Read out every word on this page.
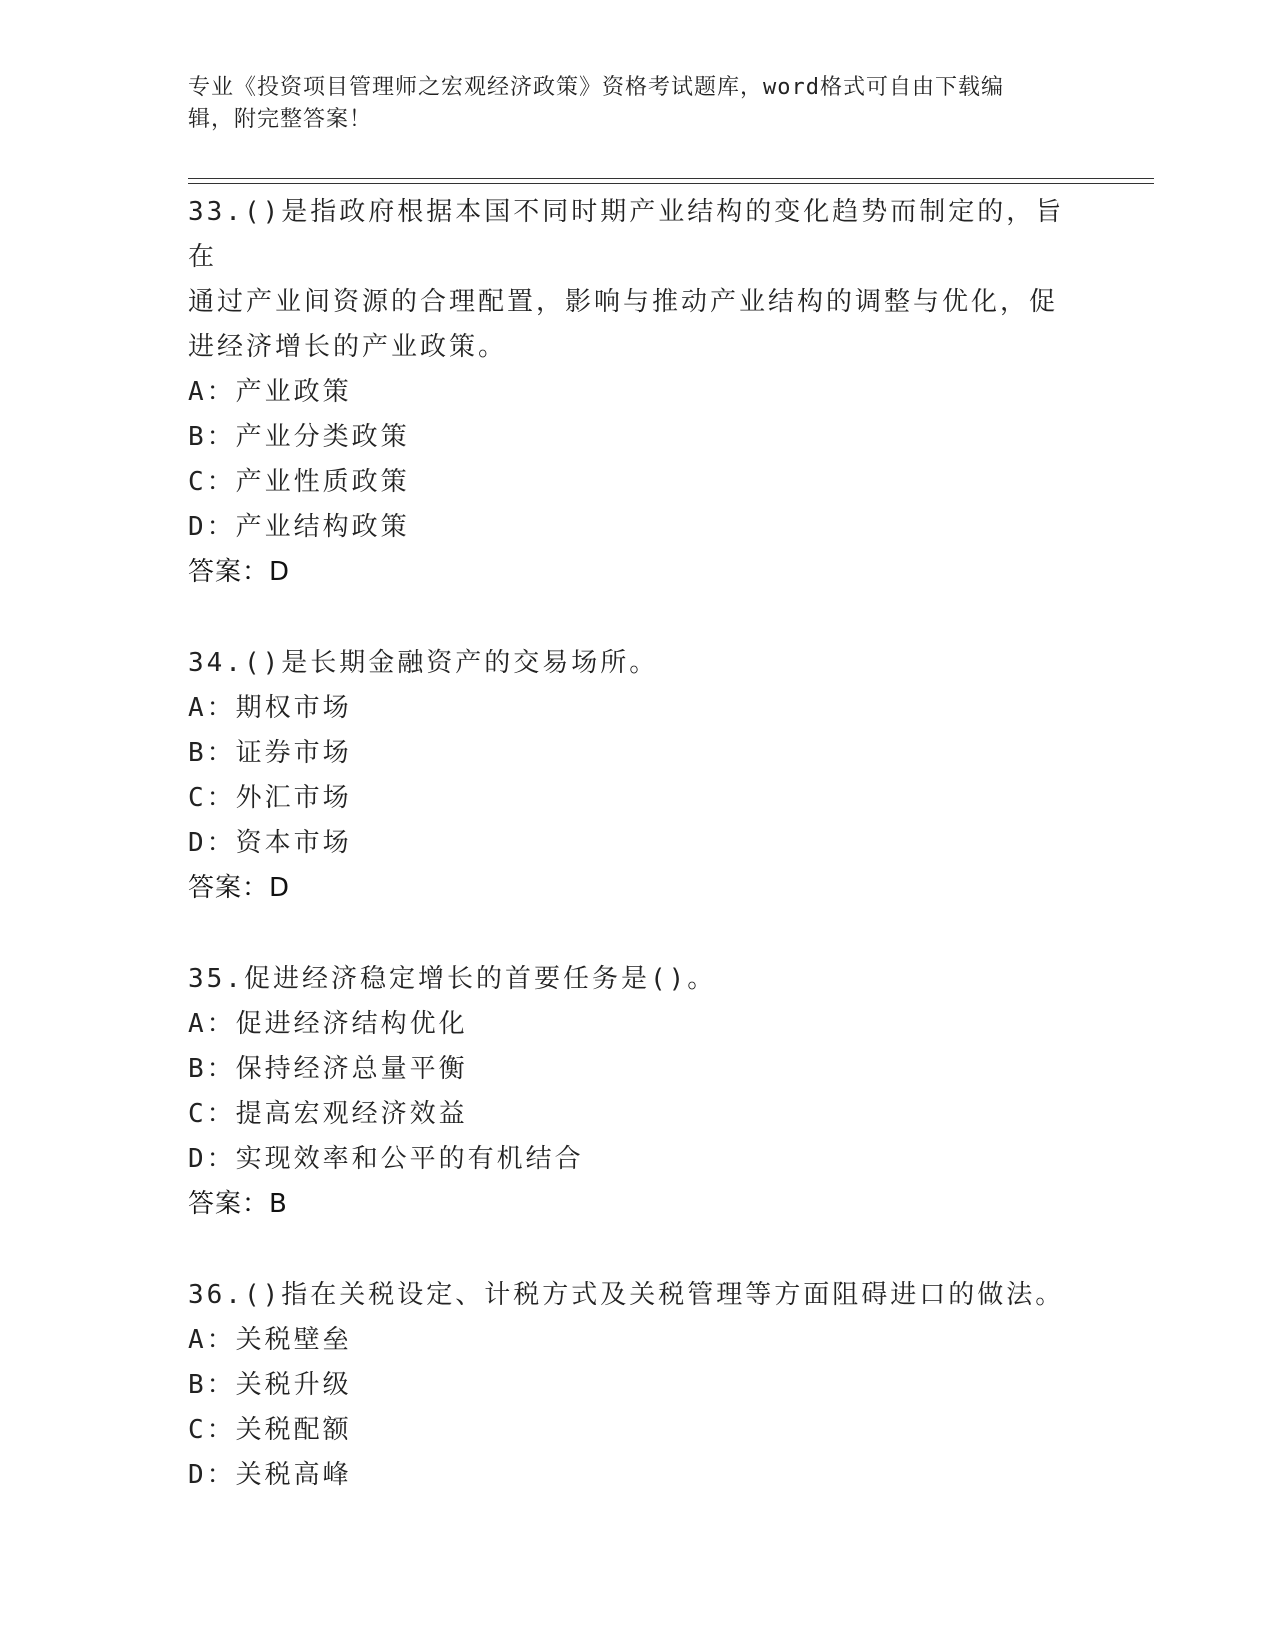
专业《投资项目管理师之宏观经济政策》资格考试题库，word格式可自由下载编
辑，附完整答案！
33.()是指政府根据本国不同时期产业结构的变化趋势而制定的，旨在
通过产业间资源的合理配置，影响与推动产业结构的调整与优化，促
进经济增长的产业政策。
A：产业政策
B：产业分类政策
C：产业性质政策
D：产业结构政策
答案：D
34.()是长期金融资产的交易场所。
A：期权市场
B：证券市场
C：外汇市场
D：资本市场
答案：D
35.促进经济稳定增长的首要任务是()。
A：促进经济结构优化
B：保持经济总量平衡
C：提高宏观经济效益
D：实现效率和公平的有机结合
答案：B
36.()指在关税设定、计税方式及关税管理等方面阻碍进口的做法。
A：关税壁垒
B：关税升级
C：关税配额
D：关税高峰
